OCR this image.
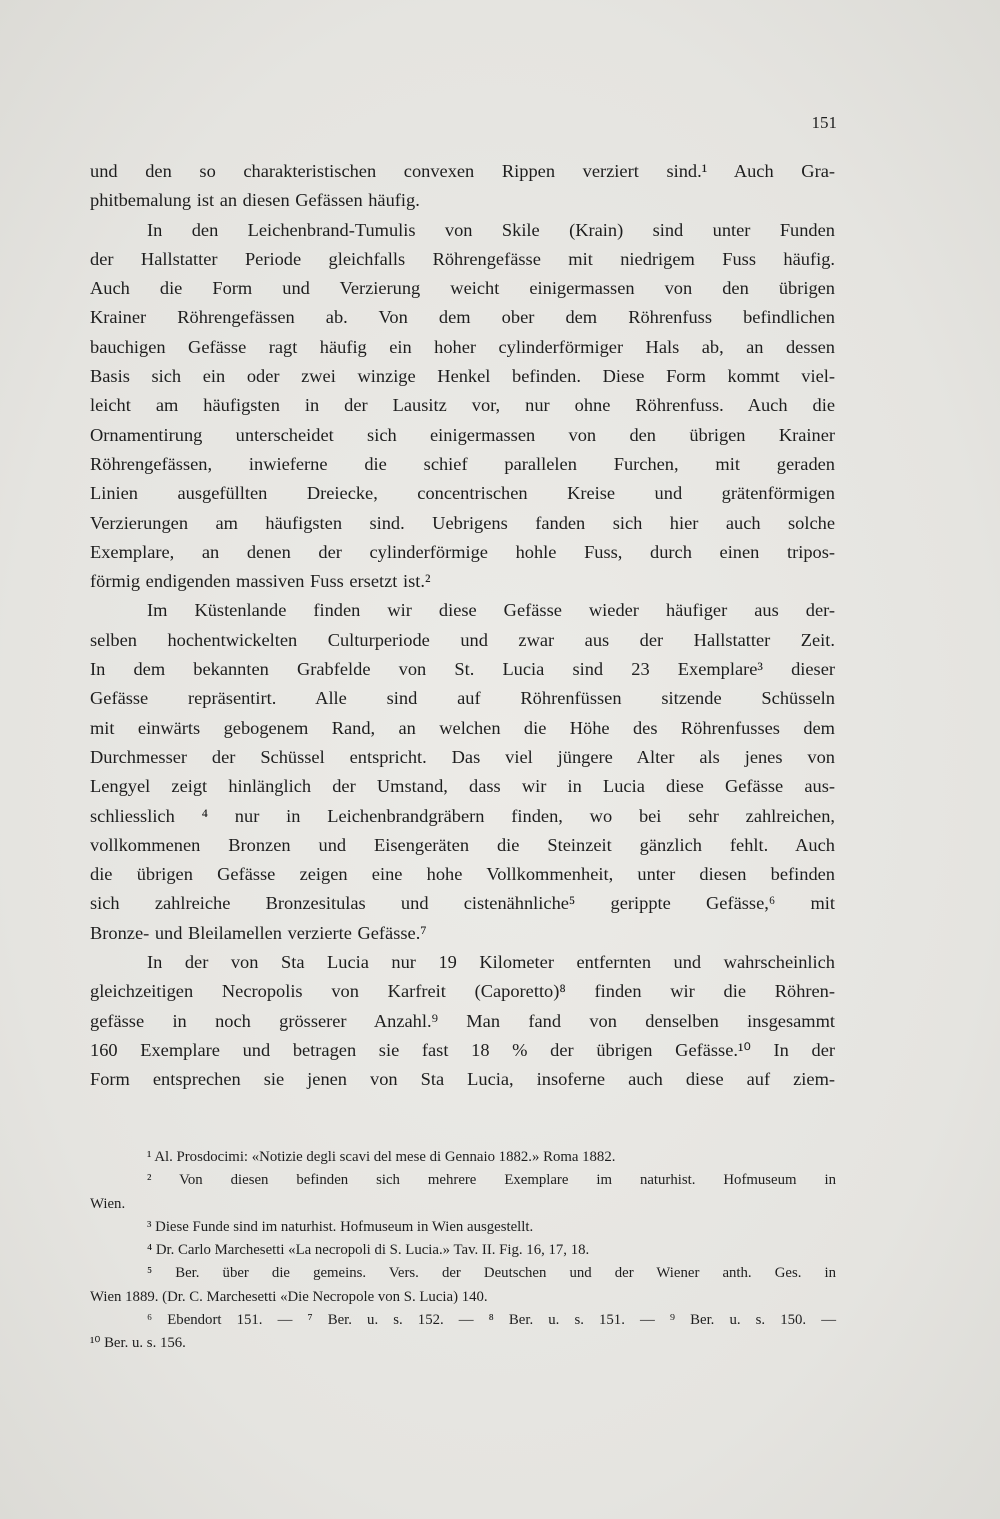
151
und den so charakteristischen convexen Rippen verziert sind.¹ Auch Gra-
phitbemalung ist an diesen Gefässen häufig.
In den Leichenbrand-Tumulis von Skile (Krain) sind unter Funden
der Hallstatter Periode gleichfalls Röhrengefässe mit niedrigem Fuss häufig.
Auch die Form und Verzierung weicht einigermassen von den übrigen
Krainer Röhrengefässen ab. Von dem ober dem Röhrenfuss befindlichen
bauchigen Gefässe ragt häufig ein hoher cylinderförmiger Hals ab, an dessen
Basis sich ein oder zwei winzige Henkel befinden. Diese Form kommt viel-
leicht am häufigsten in der Lausitz vor, nur ohne Röhrenfuss. Auch die
Ornamentirung unterscheidet sich einigermassen von den übrigen Krainer
Röhrengefässen, inwieferne die schief parallelen Furchen, mit geraden
Linien ausgefüllten Dreiecke, concentrischen Kreise und grätenförmigen
Verzierungen am häufigsten sind. Uebrigens fanden sich hier auch solche
Exemplare, an denen der cylinderförmige hohle Fuss, durch einen tripos-
förmig endigenden massiven Fuss ersetzt ist.²
Im Küstenlande finden wir diese Gefässe wieder häufiger aus der-
selben hochentwickelten Culturperiode und zwar aus der Hallstatter Zeit.
In dem bekannten Grabfelde von St. Lucia sind 23 Exemplare³ dieser
Gefässe repräsentirt. Alle sind auf Röhrenfüssen sitzende Schüsseln
mit einwärts gebogenem Rand, an welchen die Höhe des Röhrenfusses dem
Durchmesser der Schüssel entspricht. Das viel jüngere Alter als jenes von
Lengyel zeigt hinlänglich der Umstand, dass wir in Lucia diese Gefässe aus-
schliesslich ⁴ nur in Leichenbrandgräbern finden, wo bei sehr zahlreichen,
vollkommenen Bronzen und Eisengeräten die Steinzeit gänzlich fehlt. Auch
die übrigen Gefässe zeigen eine hohe Vollkommenheit, unter diesen befinden
sich zahlreiche Bronzesitulas und cistenähnliche⁵ gerippte Gefässe,⁶ mit
Bronze- und Bleilamellen verzierte Gefässe.⁷
In der von Sta Lucia nur 19 Kilometer entfernten und wahrscheinlich
gleichzeitigen Necropolis von Karfreit (Caporetto)⁸ finden wir die Röhren-
gefässe in noch grösserer Anzahl.⁹ Man fand von denselben insgesammt
160 Exemplare und betragen sie fast 18 % der übrigen Gefässe.¹⁰ In der
Form entsprechen sie jenen von Sta Lucia, insoferne auch diese auf ziem-
¹ Al. Prosdocimi: «Notizie degli scavi del mese di Gennaio 1882.» Roma 1882.
² Von diesen befinden sich mehrere Exemplare im naturhist. Hofmuseum in
Wien.
³ Diese Funde sind im naturhist. Hofmuseum in Wien ausgestellt.
⁴ Dr. Carlo Marchesetti «La necropoli di S. Lucia.» Tav. II. Fig. 16, 17, 18.
⁵ Ber. über die gemeins. Vers. der Deutschen und der Wiener anth. Ges. in
Wien 1889. (Dr. C. Marchesetti «Die Necropole von S. Lucia) 140.
⁶ Ebendort 151. — ⁷ Ber. u. s. 152. — ⁸ Ber. u. s. 151. — ⁹ Ber. u. s. 150. —
¹⁰ Ber. u. s. 156.
